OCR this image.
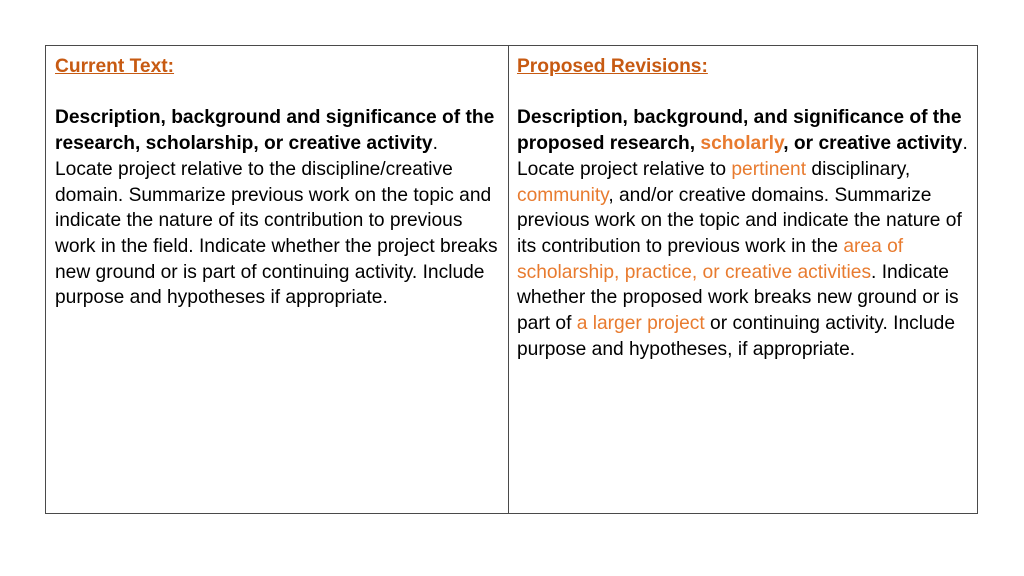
Current Text:

Description, background and significance of the research, scholarship, or creative activity.

Locate project relative to the discipline/creative domain. Summarize previous work on the topic and indicate the nature of its contribution to previous work in the field. Indicate whether the project breaks new ground or is part of continuing activity. Include purpose and hypotheses if appropriate.

Proposed Revisions:

Description, background, and significance of the proposed research, scholarly, or creative activity.

Locate project relative to pertinent disciplinary, community, and/or creative domains. Summarize previous work on the topic and indicate the nature of its contribution to previous work in the area of scholarship, practice, or creative activities. Indicate whether the proposed work breaks new ground or is part of a larger project or continuing activity. Include purpose and hypotheses, if appropriate.
